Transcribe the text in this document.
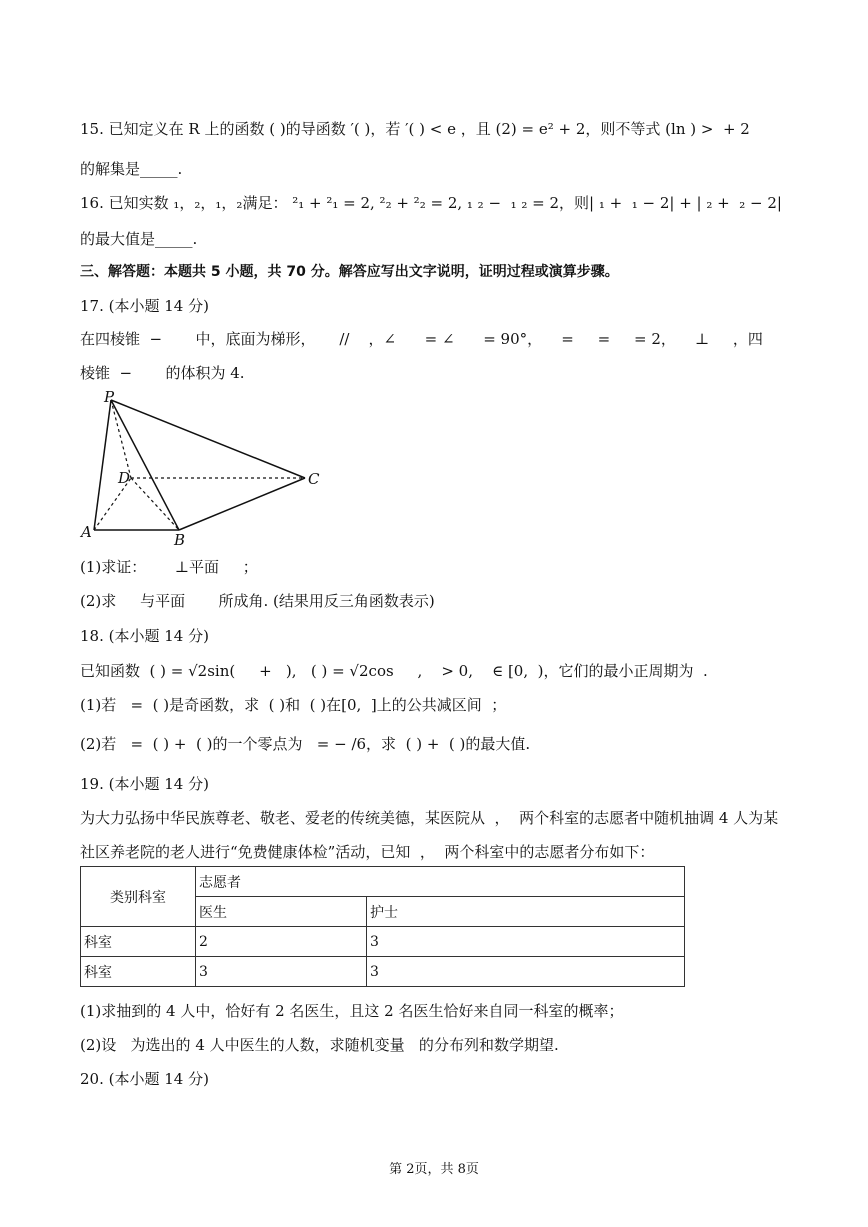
15. 已知定义在 R 上的函数 ( )的导函数 ′( )，若 ′( ) < e ，且 (2) = e² + 2，则不等式 (ln ) >  + 2
的解集是_____.
16. 已知实数 ₁，₂，₁，₂满足： ²₁ + ²₁ = 2, ²₂ + ²₂ = 2, ₁ ₂ −  ₁ ₂ = 2，则| ₁ +  ₁ − 2| + | ₂ +  ₂ − 2|
的最大值是_____.
三、解答题：本题共 5 小题，共 70 分。解答应写出文字说明，证明过程或演算步骤。
17. (本小题 14 分)
在四棱锥  −       中，底面为梯形，     //    ，∠      = ∠      = 90°，    =     =     = 2，    ⊥     ，四
棱锥  −       的体积为 4.
P
D	C
A	B
(1)求证：      ⊥平面     ；
(2)求     与平面       所成角. (结果用反三角函数表示)
18. (本小题 14 分)
已知函数  ( ) = √2sin(     +   ),   ( ) = √2cos     ,    > 0,    ∈ [0,  )，它们的最小正周期为  .
(1)若   =  ( )是奇函数，求  ( )和  ( )在[0,  ]上的公共减区间  ；
(2)若   =  ( ) +  ( )的一个零点为   = − /6，求  ( ) +  ( )的最大值.
19. (本小题 14 分)
为大力弘扬中华民族尊老、敬老、爱老的传统美德，某医院从  ，  两个科室的志愿者中随机抽调 4 人为某
社区养老院的老人进行“免费健康体检”活动，已知  ，  两个科室中的志愿者分布如下：
类别科室	志愿者	
	医生	护士
科室	2	3
科室	3	3
(1)求抽到的 4 人中，恰好有 2 名医生，且这 2 名医生恰好来自同一科室的概率；
(2)设   为选出的 4 人中医生的人数，求随机变量   的分布列和数学期望.
20. (本小题 14 分)
第 2页，共 8页
